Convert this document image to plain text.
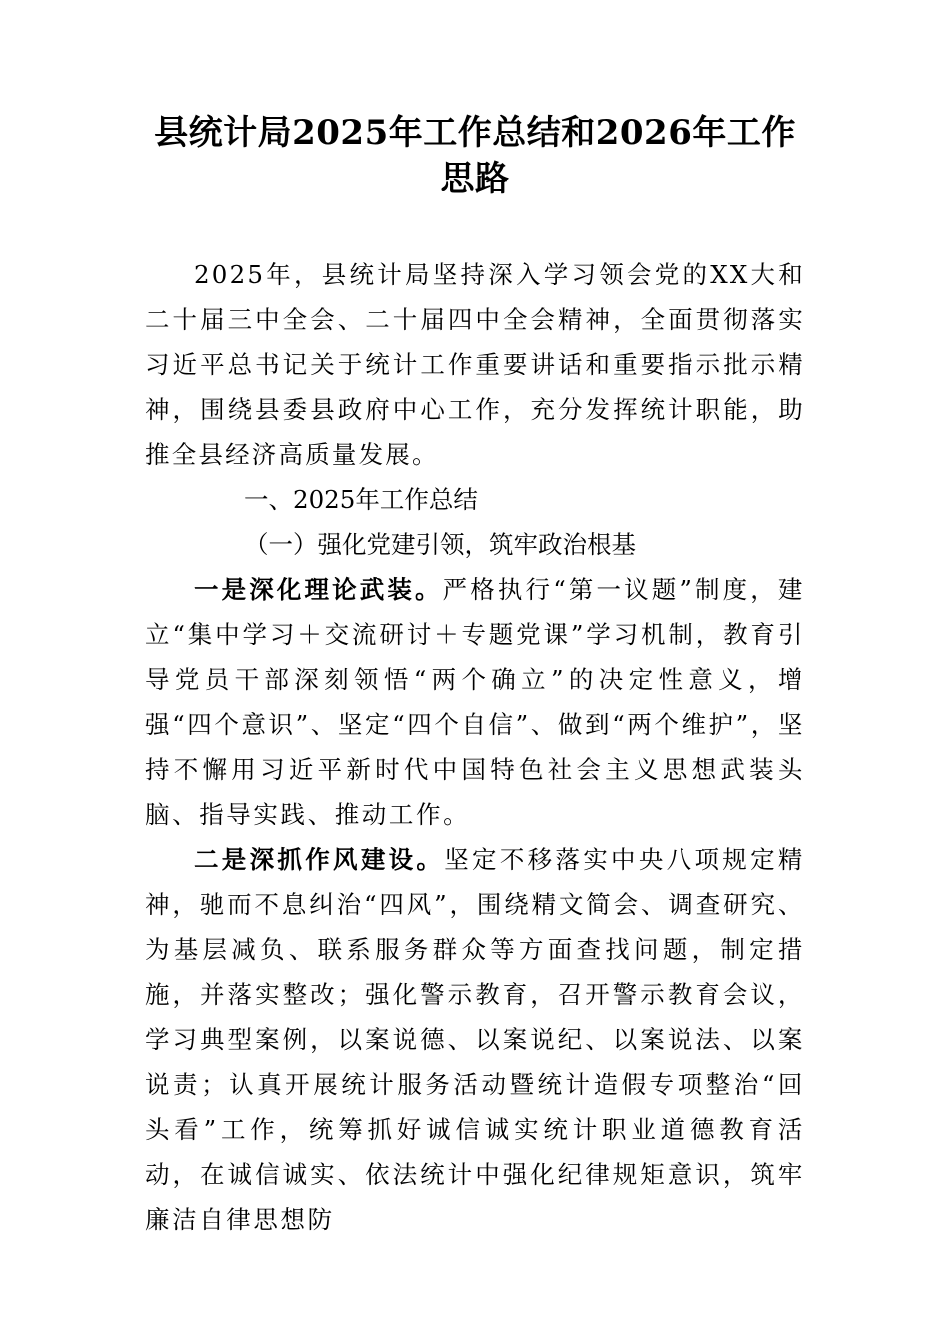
县统计局2025年工作总结和2026年工作思路

2025年，县统计局坚持深入学习领会党的XX大和二十届三中全会、二十届四中全会精神，全面贯彻落实习近平总书记关于统计工作重要讲话和重要指示批示精神，围绕县委县政府中心工作，充分发挥统计职能，助推全县经济高质量发展。

一、2025年工作总结

（一）强化党建引领，筑牢政治根基

一是深化理论武装。严格执行“第一议题”制度，建立“集中学习＋交流研讨＋专题党课”学习机制，教育引导党员干部深刻领悟“两个确立”的决定性意义，增强“四个意识”、坚定“四个自信”、做到“两个维护”，坚持不懈用习近平新时代中国特色社会主义思想武装头脑、指导实践、推动工作。

二是深抓作风建设。坚定不移落实中央八项规定精神，驰而不息纠治“四风”，围绕精文简会、调查研究、为基层减负、联系服务群众等方面查找问题，制定措施，并落实整改；强化警示教育，召开警示教育会议，学习典型案例，以案说德、以案说纪、以案说法、以案说责；认真开展统计服务活动暨统计造假专项整治“回头看”工作，统筹抓好诚信诚实统计职业道德教育活动，在诚信诚实、依法统计中强化纪律规矩意识，筑牢廉洁自律思想防
